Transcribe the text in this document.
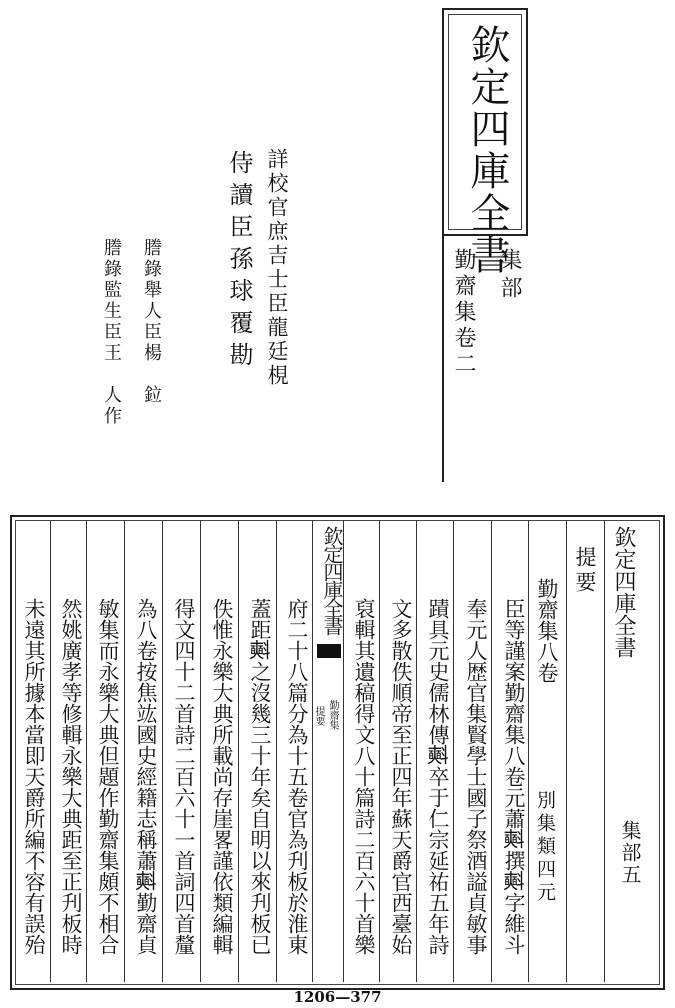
欽定四庫全書
集部
勤齋集卷二
詳校官庶吉士臣龍廷梘
侍讀臣孫球覆勘
謄錄舉人臣楊　鉝
謄錄監生臣王　人作
欽定四庫全書
集部五
提要
勤齋集八卷
別集類四元
臣等謹案勤齋集八卷元蕭𣂏撰𣂏字維斗
奉元人歴官集賢學士國子祭酒謚貞敏事
蹟具元史儒林傳𣂏卒于仁宗延祐五年詩
文多散佚順帝至正四年蘇天爵官西臺始
裒輯其遺稿得文八十篇詩二百六十首樂
欽定四庫全書
勤齋集
提要
府二十八篇分為十五卷官為刋板於淮東
蓋距𣂏之沒幾三十年矣自明以來刋板已
佚惟永樂大典所載尚存崖畧謹依類編輯
得文四十二首詩二百六十一首詞四首釐
為八卷按焦竑國史經籍志稱蕭𣂏勤齋貞
敏集而永樂大典但題作勤齋集頗不相合
然姚廣孝等修輯永樂大典距至正刋板時
未遠其所據本當即天爵所編不容有誤殆
1206—377
